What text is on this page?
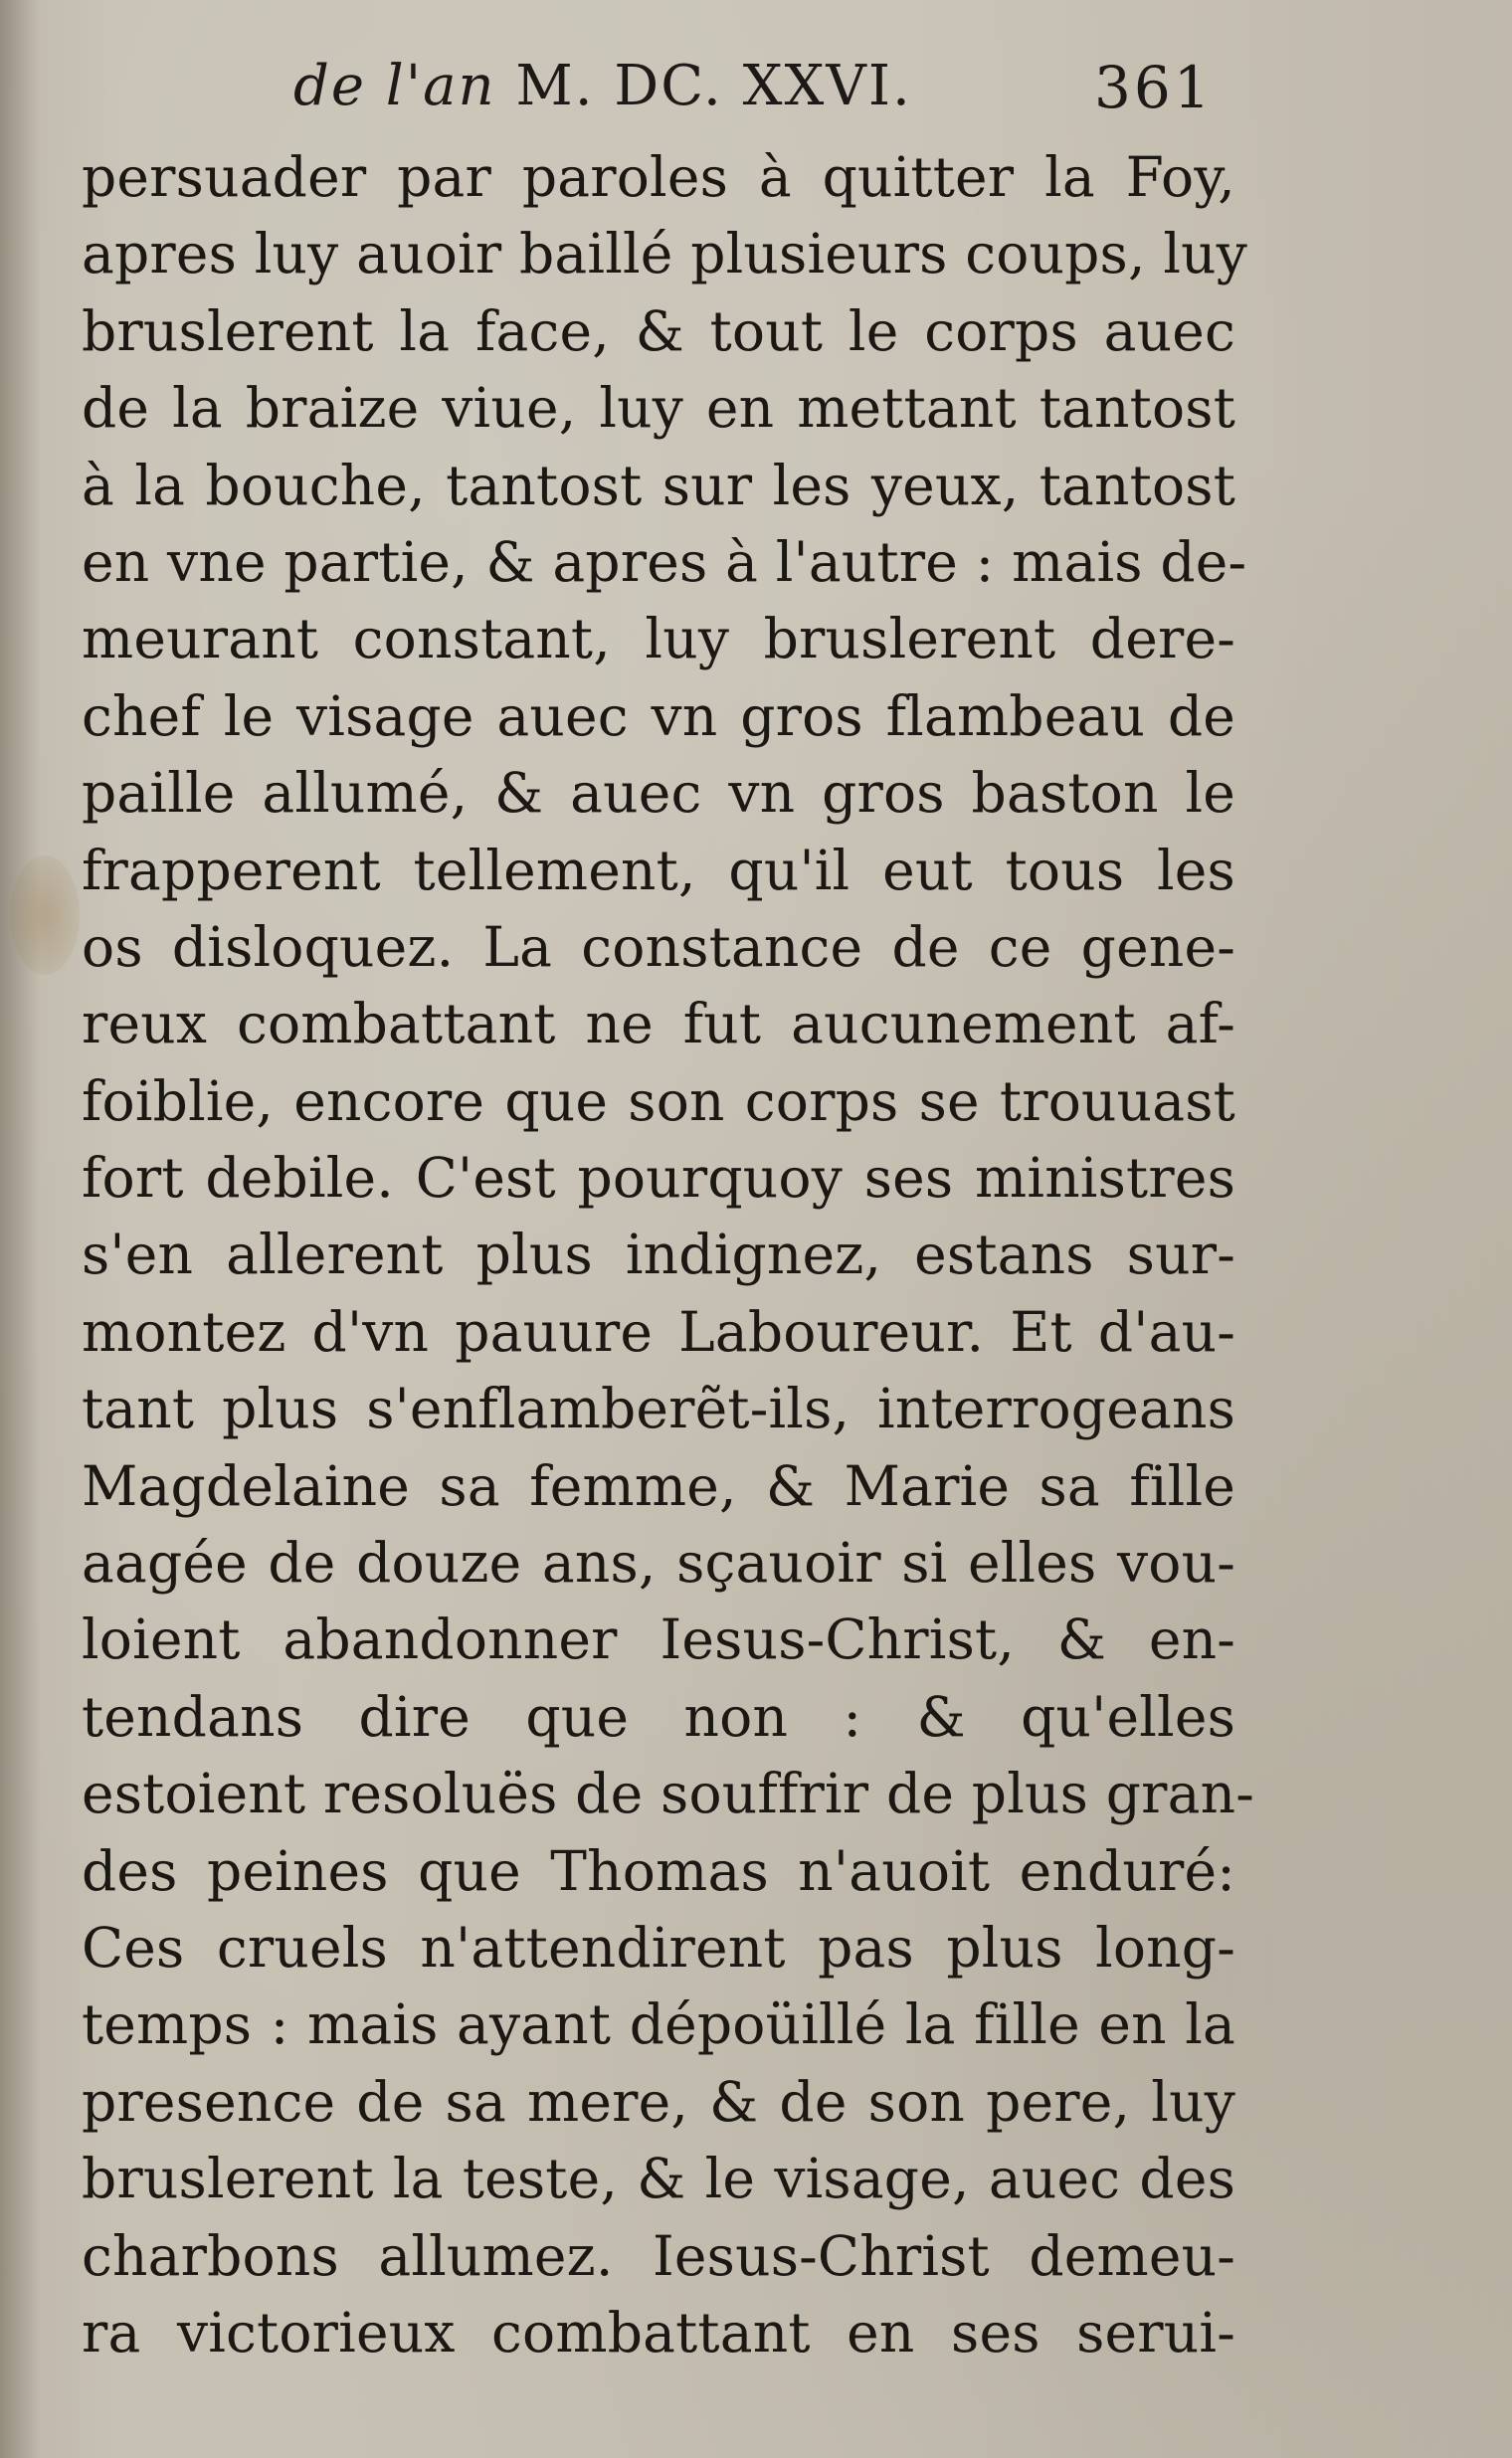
de l'an M. DC. XXVI.	361
persuader par paroles à quitter la Foy,
apres luy auoir baillé plusieurs coups, luy
bruslerent la face, & tout le corps auec
de la braize viue, luy en mettant tantost
à la bouche, tantost sur les yeux, tantost
en vne partie, & apres à l'autre : mais de-
meurant constant, luy bruslerent dere-
chef le visage auec vn gros flambeau de
paille allumé, & auec vn gros baston le
frapperent tellement, qu'il eut tous les
os disloquez. La constance de ce gene-
reux combattant ne fut aucunement af-
foiblie, encore que son corps se trouuast
fort debile. C'est pourquoy ses ministres
s'en allerent plus indignez, estans sur-
montez d'vn pauure Laboureur. Et d'au-
tant plus s'enflamberẽt-ils, interrogeans
Magdelaine sa femme, & Marie sa fille
aagée de douze ans, sçauoir si elles vou-
loient abandonner Iesus-Christ, & en-
tendans dire que non : & qu'elles
estoient resoluës de souffrir de plus gran-
des peines que Thomas n'auoit enduré:
Ces cruels n'attendirent pas plus long-
temps : mais ayant dépoüillé la fille en la
presence de sa mere, & de son pere, luy
bruslerent la teste, & le visage, auec des
charbons allumez. Iesus-Christ demeu-
ra victorieux combattant en ses serui-
